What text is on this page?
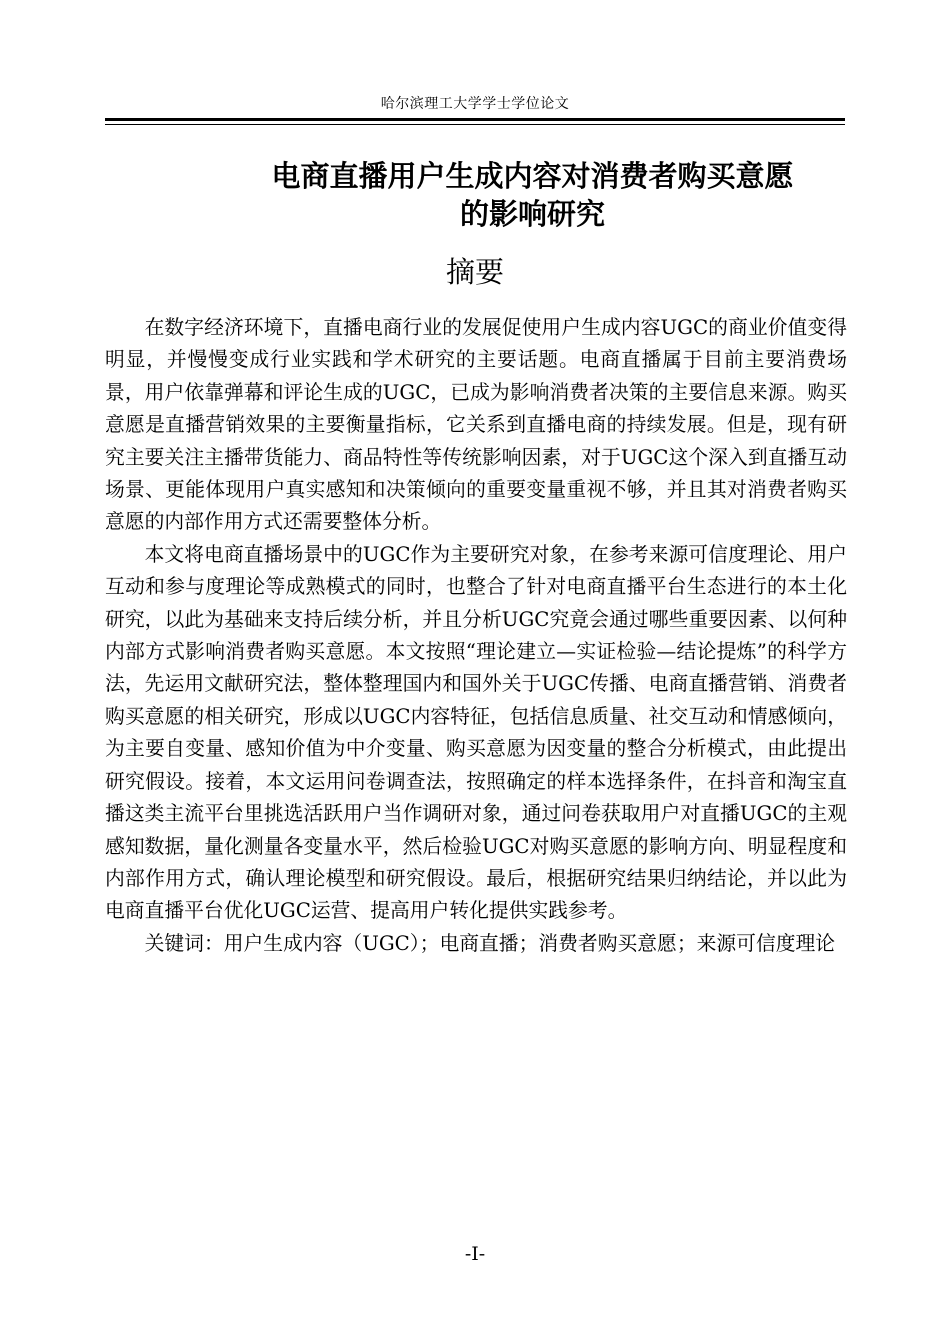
哈尔滨理工大学学士学位论文
电商直播用户生成内容对消费者购买意愿
的影响研究
摘要

在数字经济环境下，直播电商行业的发展促使用户生成内容UGC的商业价值变得明显，并慢慢变成行业实践和学术研究的主要话题。电商直播属于目前主要消费场景，用户依靠弹幕和评论生成的UGC，已成为影响消费者决策的主要信息来源。购买意愿是直播营销效果的主要衡量指标，它关系到直播电商的持续发展。但是，现有研究主要关注主播带货能力、商品特性等传统影响因素，对于UGC这个深入到直播互动场景、更能体现用户真实感知和决策倾向的重要变量重视不够，并且其对消费者购买意愿的内部作用方式还需要整体分析。

本文将电商直播场景中的UGC作为主要研究对象，在参考来源可信度理论、用户互动和参与度理论等成熟模式的同时，也整合了针对电商直播平台生态进行的本土化研究，以此为基础来支持后续分析，并且分析UGC究竟会通过哪些重要因素、以何种内部方式影响消费者购买意愿。本文按照“理论建立—实证检验—结论提炼”的科学方法，先运用文献研究法，整体整理国内和国外关于UGC传播、电商直播营销、消费者购买意愿的相关研究，形成以UGC内容特征，包括信息质量、社交互动和情感倾向，为主要自变量、感知价值为中介变量、购买意愿为因变量的整合分析模式，由此提出研究假设。接着，本文运用问卷调查法，按照确定的样本选择条件，在抖音和淘宝直播这类主流平台里挑选活跃用户当作调研对象，通过问卷获取用户对直播UGC的主观感知数据，量化测量各变量水平，然后检验UGC对购买意愿的影响方向、明显程度和内部作用方式，确认理论模型和研究假设。最后，根据研究结果归纳结论，并以此为电商直播平台优化UGC运营、提高用户转化提供实践参考。

关键词：用户生成内容（UGC）；电商直播；消费者购买意愿；来源可信度理论

-I-
